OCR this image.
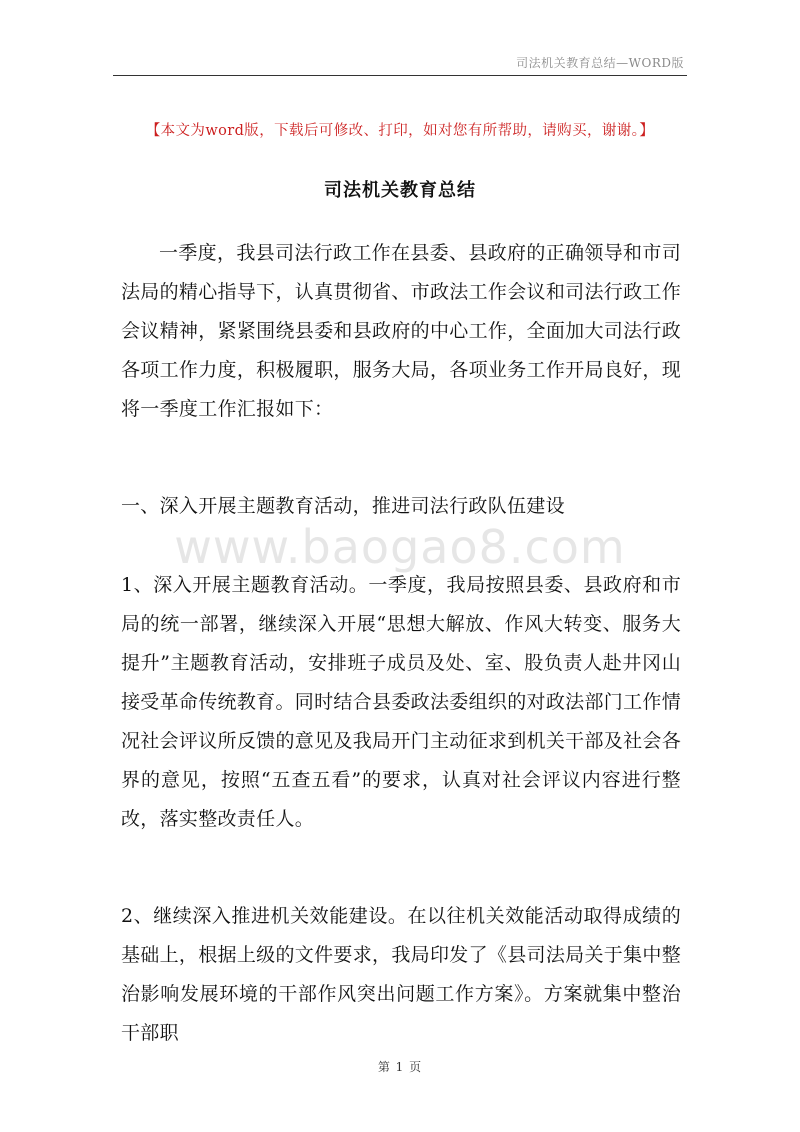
司法机关教育总结—WORD版
【本文为word版，下载后可修改、打印，如对您有所帮助，请购买，谢谢。】
司法机关教育总结

一季度，我县司法行政工作在县委、县政府的正确领导和市司法局的精心指导下，认真贯彻省、市政法工作会议和司法行政工作会议精神，紧紧围绕县委和县政府的中心工作，全面加大司法行政各项工作力度，积极履职，服务大局，各项业务工作开局良好，现将一季度工作汇报如下：

一、深入开展主题教育活动，推进司法行政队伍建设

www.baogao8.com

1、深入开展主题教育活动。一季度，我局按照县委、县政府和市局的统一部署，继续深入开展“思想大解放、作风大转变、服务大提升”主题教育活动，安排班子成员及处、室、股负责人赴井冈山接受革命传统教育。同时结合县委政法委组织的对政法部门工作情况社会评议所反馈的意见及我局开门主动征求到机关干部及社会各界的意见，按照“五查五看”的要求，认真对社会评议内容进行整改，落实整改责任人。

2、继续深入推进机关效能建设。在以往机关效能活动取得成绩的基础上，根据上级的文件要求，我局印发了《县司法局关于集中整治影响发展环境的干部作风突出问题工作方案》。方案就集中整治干部职

第 1 页
